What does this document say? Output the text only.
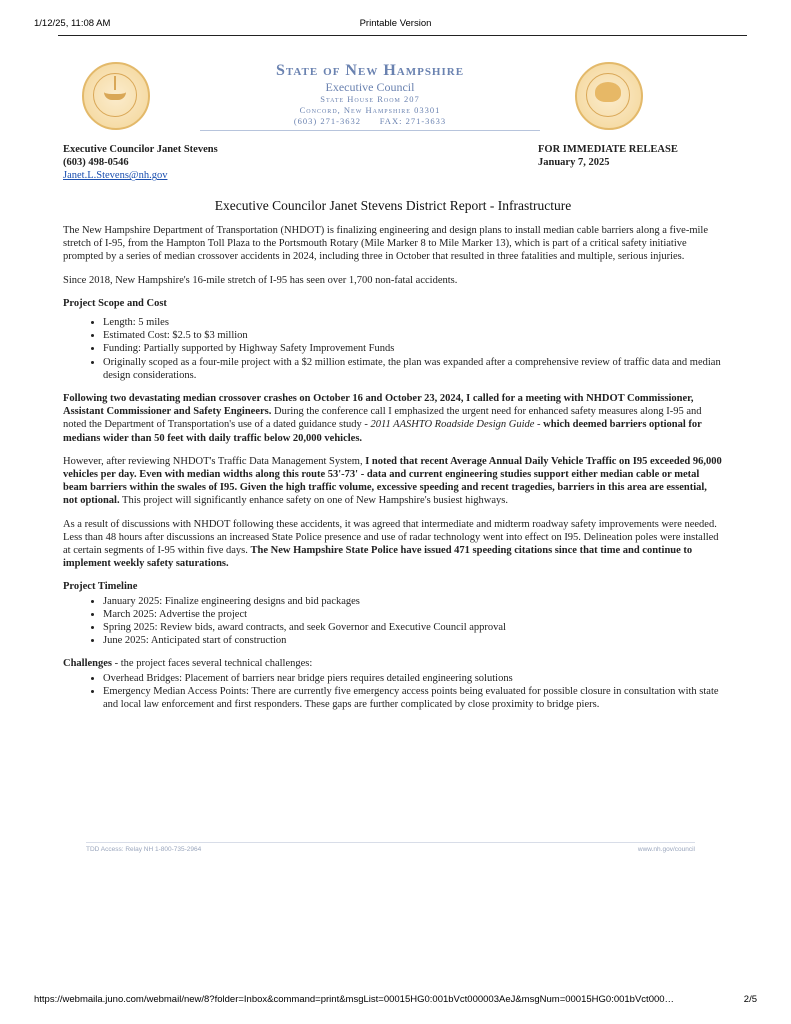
1/12/25, 11:08 AM	Printable Version
State of New Hampshire
Executive Council
State House Room 207
Concord, New Hampshire 03301
(603) 271-3632      FAX: 271-3633
Executive Councilor Janet Stevens
(603) 498-0546
Janet.L.Stevens@nh.gov
FOR IMMEDIATE RELEASE
January 7, 2025
Executive Councilor Janet Stevens District Report - Infrastructure

The New Hampshire Department of Transportation (NHDOT) is finalizing engineering and design plans to install median cable barriers along a five-mile stretch of I-95, from the Hampton Toll Plaza to the Portsmouth Rotary (Mile Marker 8 to Mile Marker 13), which is part of a critical safety initiative prompted by a series of median crossover accidents in 2024, including three in October that resulted in three fatalities and multiple, serious injuries.

Since 2018, New Hampshire's 16-mile stretch of I-95 has seen over 1,700 non-fatal accidents.

Project Scope and Cost
• Length: 5 miles
• Estimated Cost: $2.5 to $3 million
• Funding: Partially supported by Highway Safety Improvement Funds
• Originally scoped as a four-mile project with a $2 million estimate, the plan was expanded after a comprehensive review of traffic data and median design considerations.

Following two devastating median crossover crashes on October 16 and October 23, 2024, I called for a meeting with NHDOT Commissioner, Assistant Commissioner and Safety Engineers. During the conference call I emphasized the urgent need for enhanced safety measures along I-95 and noted the Department of Transportation's use of a dated guidance study - 2011 AASHTO Roadside Design Guide - which deemed barriers optional for medians wider than 50 feet with daily traffic below 20,000 vehicles.

However, after reviewing NHDOT's Traffic Data Management System, I noted that recent Average Annual Daily Vehicle Traffic on I95 exceeded 96,000 vehicles per day. Even with median widths along this route 53'-73' - data and current engineering studies support either median cable or metal beam barriers within the swales of I95. Given the high traffic volume, excessive speeding and recent tragedies, barriers in this area are essential, not optional. This project will significantly enhance safety on one of New Hampshire's busiest highways.

As a result of discussions with NHDOT following these accidents, it was agreed that intermediate and midterm roadway safety improvements were needed. Less than 48 hours after discussions an increased State Police presence and use of radar technology went into effect on I95. Delineation poles were installed at certain segments of I-95 within five days. The New Hampshire State Police have issued 471 speeding citations since that time and continue to implement weekly safety saturations.

Project Timeline
• January 2025: Finalize engineering designs and bid packages
• March 2025: Advertise the project
• Spring 2025: Review bids, award contracts, and seek Governor and Executive Council approval
• June 2025: Anticipated start of construction
Challenges - the project faces several technical challenges:
• Overhead Bridges: Placement of barriers near bridge piers requires detailed engineering solutions
• Emergency Median Access Points: There are currently five emergency access points being evaluated for possible closure in consultation with state and local law enforcement and first responders. These gaps are further complicated by close proximity to bridge piers.
TDD Access: Relay NH 1-800-735-2964	www.nh.gov/council
https://webmaila.juno.com/webmail/new/8?folder=Inbox&command=print&msgList=00015HG0:001bVct000003AeJ&msgNum=00015HG0:001bVct000…	2/5
